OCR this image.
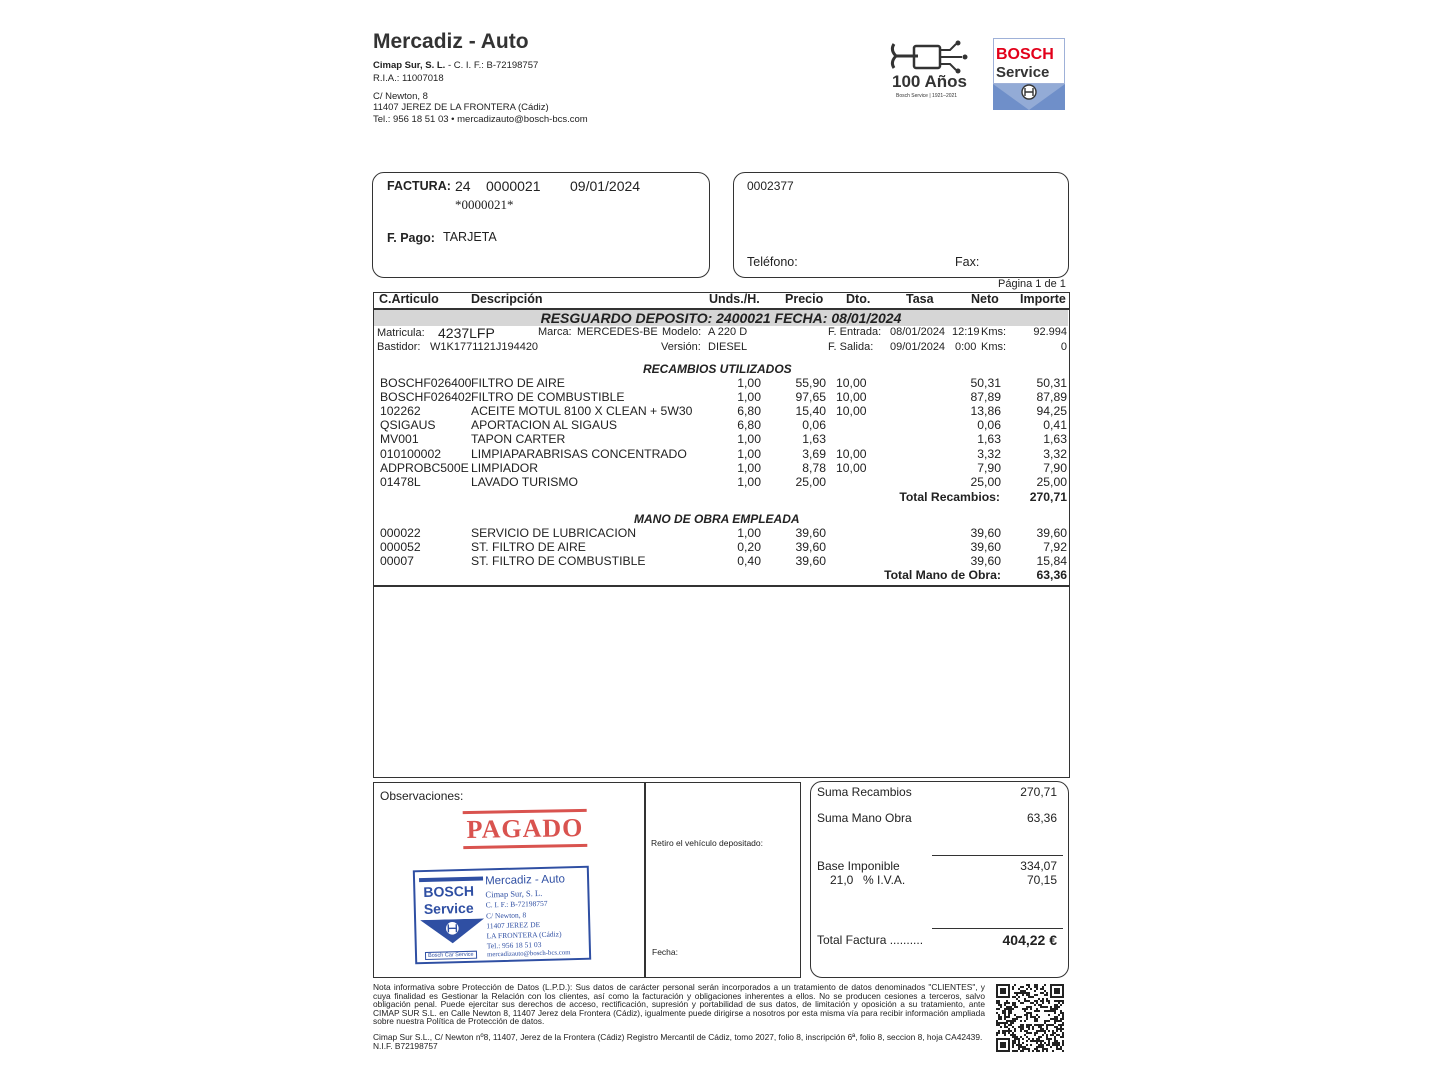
Mercadiz - Auto
Cimap Sur, S. L. - C. I. F.: B-72198757
R.I.A.: 11007018
C/ Newton, 8
11407 JEREZ DE LA FRONTERA (Cádiz)
Tel.: 956 18 51 03 • mercadizauto@bosch-bcs.com
100 Años
Bosch Service | 1921–2021
BOSCH
Service
FACTURA: 24 0000021 09/01/2024
*0000021*
F. Pago: TARJETA
0002377
Teléfono:	Fax:
Página 1 de 1
C.Articulo	Descripción	Unds./H. Precio Dto.	Tasa	Neto Importe
RESGUARDO DEPOSITO: 2400021 FECHA: 08/01/2024
Matricula: 4237LFP	Marca: MERCEDES-BE Modelo: A 220 D	F. Entrada: 08/01/2024 12:19 Kms:	92.994
Bastidor: W1K1771121J194420	Versión: DIESEL	F. Salida: 09/01/2024 0:00 Kms:	0
RECAMBIOS UTILIZADOS
BOSCHF026400 FILTRO DE AIRE	1,00	55,90 10,00	50,31	50,31
BOSCHF026402 FILTRO DE COMBUSTIBLE	1,00	97,65 10,00	87,89	87,89
102262	ACEITE MOTUL 8100 X CLEAN + 5W30	6,80	15,40 10,00	13,86	94,25
QSIGAUS	APORTACION AL SIGAUS	6,80	0,06	0,06	0,41
MV001	TAPON CARTER	1,00	1,63	1,63	1,63
010100002 LIMPIAPARABRISAS CONCENTRADO	1,00	3,69 10,00	3,32	3,32
ADPROBC500E LIMPIADOR	1,00	8,78 10,00	7,90	7,90
01478L	LAVADO TURISMO	1,00	25,00	25,00	25,00
Total Recambios:	270,71
MANO DE OBRA EMPLEADA
000022	SERVICIO DE LUBRICACION	1,00	39,60	39,60	39,60
000052	ST. FILTRO DE AIRE	0,20	39,60	39,60	7,92
00007	ST. FILTRO DE COMBUSTIBLE	0,40	39,60	39,60	15,84
Total Mano de Obra:	63,36
Observaciones:
PAGADO
BOSCH
Service
Bosch Car Service
Mercadiz - Auto
Cimap Sur, S. L.
C. I. F.: B-72198757
C/ Newton, 8
11407 JEREZ DE
LA FRONTERA (Cádiz)
Tel.: 956 18 51 03
mercadizauto@bosch-bcs.com
Retiro el vehículo depositado:
Fecha:
Suma Recambios	270,71
Suma Mano Obra	63,36
Base Imponible	334,07
21,0 % I.V.A.	70,15
Total Factura ..........	404,22 €
Nota informativa sobre Protección de Datos (L.P.D.): Sus datos de carácter personal serán incorporados a un tratamiento de datos denominados "CLIENTES", y cuya finalidad es Gestionar la Relación con los clientes, así como la facturación y obligaciones inherentes a ellos. No se producen cesiones a terceros, salvo obligación penal. Puede ejercitar sus derechos de acceso, rectificación, supresión y portabilidad de sus datos, de limitación y oposición a su tratamiento, ante CIMAP SUR S.L. en Calle Newton 8, 11407 Jerez dela Frontera (Cádiz), igualmente puede dirigirse a nosotros por esta misma vía para recibir información ampliada sobre nuestra Política de Protección de datos.
Cimap Sur S.L., C/ Newton nº8, 11407, Jerez de la Frontera (Cádiz) Registro Mercantil de Cádiz, tomo 2027, folio 8, inscripción 6ª, folio 8, seccion 8, hoja CA42439. N.I.F. B72198757
